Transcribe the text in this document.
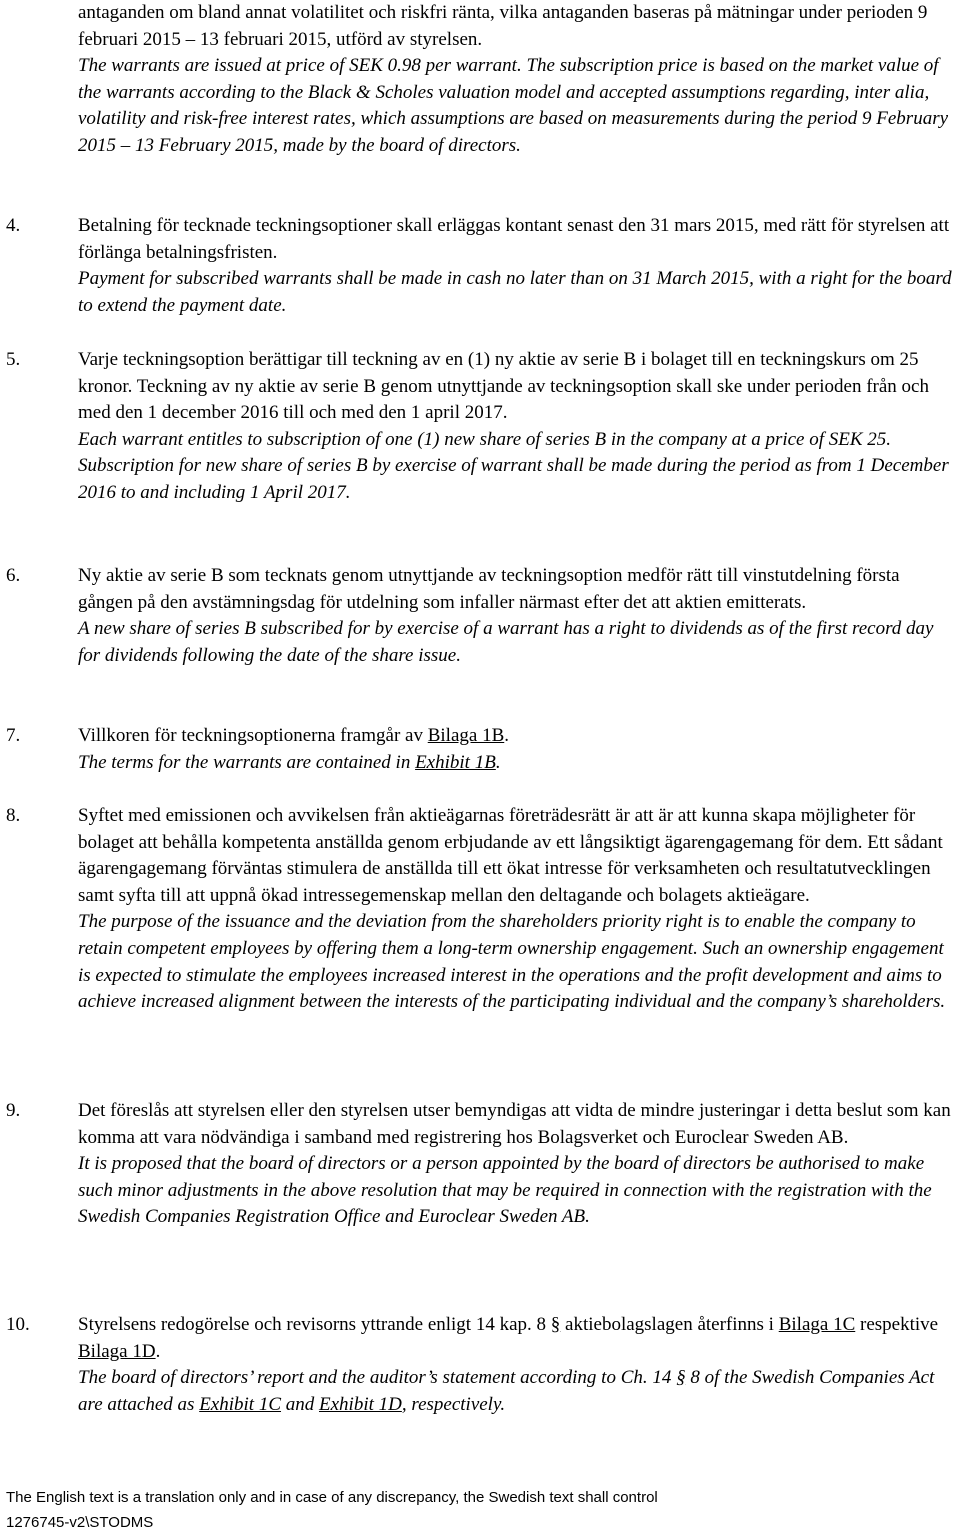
antaganden om bland annat volatilitet och riskfri ränta, vilka antaganden baseras på mätningar under perioden 9 februari 2015 – 13 februari 2015, utförd av styrelsen.

The warrants are issued at price of SEK 0.98 per warrant. The subscription price is based on the market value of the warrants according to the Black & Scholes valuation model and accepted assumptions regarding, inter alia, volatility and risk-free interest rates, which assumptions are based on measurements during the period 9 February 2015 – 13 February 2015, made by the board of directors.

4.	Betalning för tecknade teckningsoptioner skall erläggas kontant senast den 31 mars 2015, med rätt för styrelsen att förlänga betalningsfristen.

Payment for subscribed warrants shall be made in cash no later than on 31 March 2015, with a right for the board to extend the payment date.

5.	Varje teckningsoption berättigar till teckning av en (1) ny aktie av serie B i bolaget till en teckningskurs om 25 kronor. Teckning av ny aktie av serie B genom utnyttjande av teckningsoption skall ske under perioden från och med den 1 december 2016 till och med den 1 april 2017.

Each warrant entitles to subscription of one (1) new share of series B in the company at a price of SEK 25. Subscription for new share of series B by exercise of warrant shall be made during the period as from 1 December 2016 to and including 1 April 2017.

6.	Ny aktie av serie B som tecknats genom utnyttjande av teckningsoption medför rätt till vinstutdelning första gången på den avstämningsdag för utdelning som infaller närmast efter det att aktien emitterats.

A new share of series B subscribed for by exercise of a warrant has a right to dividends as of the first record day for dividends following the date of the share issue.

7.	Villkoren för teckningsoptionerna framgår av Bilaga 1B.

The terms for the warrants are contained in Exhibit 1B.

8.	Syftet med emissionen och avvikelsen från aktieägarnas företrädesrätt är att är att kunna skapa möjligheter för bolaget att behålla kompetenta anställda genom erbjudande av ett långsiktigt ägarengagemang för dem. Ett sådant ägarengagemang förväntas stimulera de anställda till ett ökat intresse för verksamheten och resultatutvecklingen samt syfta till att uppnå ökad intressegemenskap mellan den deltagande och bolagets aktieägare.

The purpose of the issuance and the deviation from the shareholders priority right is to enable the company to retain competent employees by offering them a long-term ownership engagement. Such an ownership engagement is expected to stimulate the employees increased interest in the operations and the profit development and aims to achieve increased alignment between the interests of the participating individual and the company’s shareholders.

9.	Det föreslås att styrelsen eller den styrelsen utser bemyndigas att vidta de mindre justeringar i detta beslut som kan komma att vara nödvändiga i samband med registrering hos Bolagsverket och Euroclear Sweden AB.

It is proposed that the board of directors or a person appointed by the board of directors be authorised to make such minor adjustments in the above resolution that may be required in connection with the registration with the Swedish Companies Registration Office and Euroclear Sweden AB.

10.	Styrelsens redogörelse och revisorns yttrande enligt 14 kap. 8 § aktiebolagslagen återfinns i Bilaga 1C respektive Bilaga 1D.

The board of directors’ report and the auditor’s statement according to Ch. 14 § 8 of the Swedish Companies Act are attached as Exhibit 1C and Exhibit 1D, respectively.

The English text is a translation only and in case of any discrepancy, the Swedish text shall control
1276745-v2\STODMS
